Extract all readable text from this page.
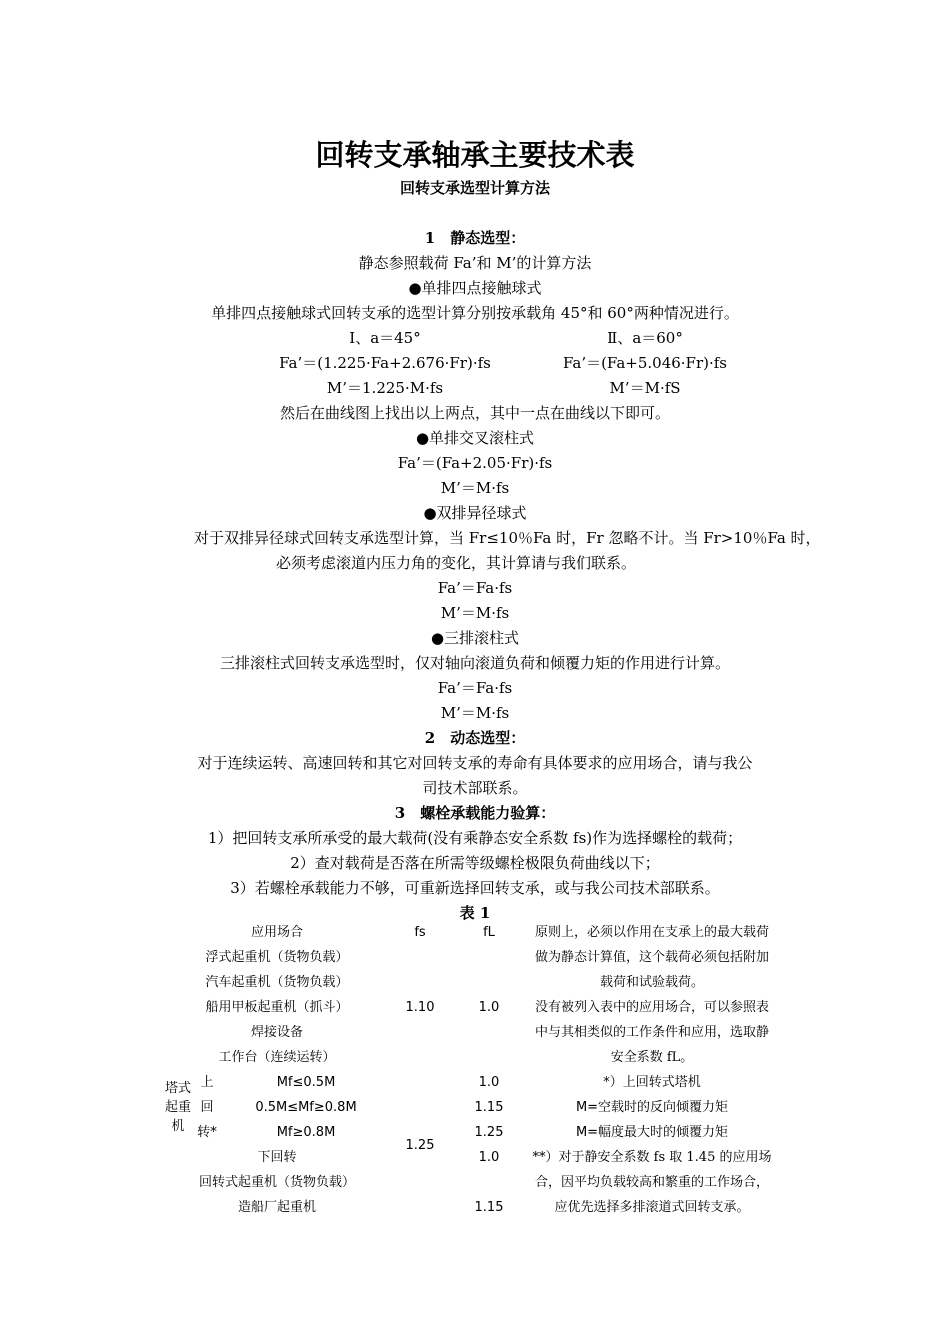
回转支承轴承主要技术表
回转支承选型计算方法
1　静态选型：
静态参照载荷 Fa’和 M’的计算方法
●单排四点接触球式
单排四点接触球式回转支承的选型计算分别按承载角 45°和 60°两种情况进行。
Ⅰ、a＝45°	Ⅱ、a＝60°
Fa’＝(1.225·Fa+2.676·Fr)·fs	Fa’＝(Fa+5.046·Fr)·fs
M’＝1.225·M·fs	M’＝M·fS
然后在曲线图上找出以上两点，其中一点在曲线以下即可。
●单排交叉滚柱式
Fa’＝(Fa+2.05·Fr)·fs
M’＝M·fs
●双排异径球式
对于双排异径球式回转支承选型计算，当 Fr≤10％Fa 时，Fr 忽略不计。当 Fr>10％Fa 时，
必须考虑滚道内压力角的变化，其计算请与我们联系。
Fa’＝Fa·fs
M’＝M·fs
●三排滚柱式
三排滚柱式回转支承选型时，仅对轴向滚道负荷和倾覆力矩的作用进行计算。
Fa’＝Fa·fs
M’＝M·fs
2　动态选型：
对于连续运转、高速回转和其它对回转支承的寿命有具体要求的应用场合，请与我公
司技术部联系。
3　螺栓承载能力验算：
1）把回转支承所承受的最大载荷(没有乘静态安全系数 fs)作为选择螺栓的载荷；
2）查对载荷是否落在所需等级螺栓极限负荷曲线以下；
3）若螺栓承载能力不够，可重新选择回转支承，或与我公司技术部联系。
表 1
应用场合			fs	fL	原则上，必须以作用在支承上的最大载荷
浮式起重机（货物负载）			1.10	1.0	做为静态计算值，这个载荷必须包括附加
汽车起重机（货物负载）					载荷和试验载荷。
船用甲板起重机（抓斗）					没有被列入表中的应用场合，可以参照表
焊接设备					中与其相类似的工作条件和应用，选取静
工作台（连续运转）					安全系数 fL。
塔式
起重
机	上	Mf≤0.5M	1.25	1.0	*）上回转式塔机
	回	0.5M≤Mf≥0.8M		1.15	M=空载时的反向倾覆力矩
	转*	Mf≥0.8M		1.25	M=幅度最大时的倾覆力矩
下回转				1.0	**）对于静安全系数 fs 取 1.45 的应用场
回转式起重机（货物负载）					合，因平均负载较高和繁重的工作场合，
造船厂起重机				1.15	应优先选择多排滚道式回转支承。
